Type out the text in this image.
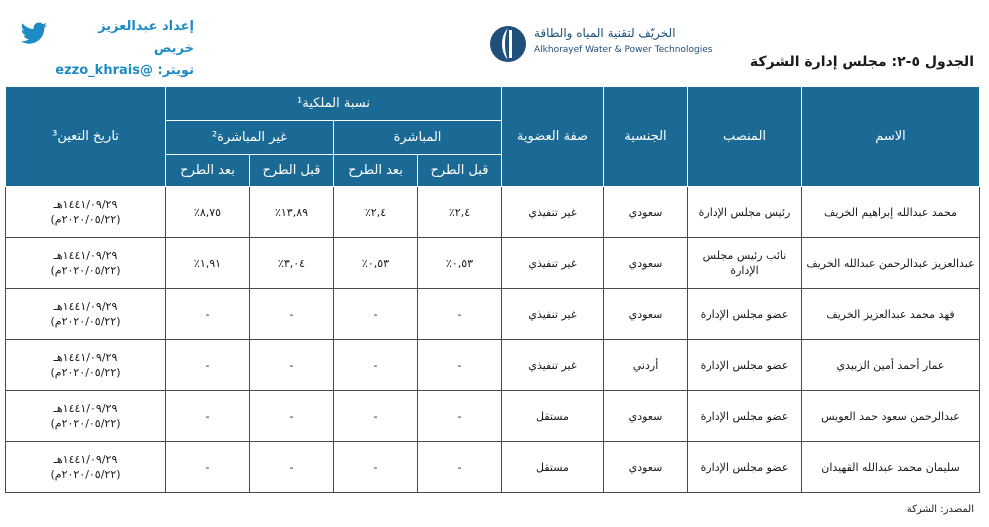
إعداد عبدالعزيز خريص
تويتر: @ezzo_khrais
الخريّف لتقنية المياه والطاقة
Alkhorayef Water & Power Technologies
الجدول ٥-٢: مجلس إدارة الشركة
الاسم	المنصب	الجنسية	صفة العضوية	نسبة الملكية¹				تاريخ التعين³
				المباشرة		غير المباشرة²		
				قبل الطرح	بعد الطرح	قبل الطرح	بعد الطرح	
محمد عبدالله إبراهيم الخريف	رئيس مجلس الإدارة	سعودي	غير تنفيذي	٢,٤٪	٢,٤٪	١٣,٨٩٪	٨,٧٥٪	١٤٤١/٠٩/٢٩هـ
(٢٠٢٠/٠٥/٢٢م)

عبدالعزيز عبدالرحمن عبدالله الخريف	نائب رئيس مجلس الإدارة	سعودي	غير تنفيذي	٠,٥٣٪	٠,٥٣٪	٣,٠٤٪	١,٩١٪	١٤٤١/٠٩/٢٩هـ
(٢٠٢٠/٠٥/٢٢م)

فهد محمد عبدالعزيز الخريف	عضو مجلس الإدارة	سعودي	غير تنفيذي	-	-	-	-	١٤٤١/٠٩/٢٩هـ
(٢٠٢٠/٠٥/٢٢م)

عمار أحمد أمين الزبيدي	عضو مجلس الإدارة	أردني	غير تنفيذي	-	-	-	-	١٤٤١/٠٩/٢٩هـ
(٢٠٢٠/٠٥/٢٢م)

عبدالرحمن سعود حمد العويس	عضو مجلس الإدارة	سعودي	مستقل	-	-	-	-	١٤٤١/٠٩/٢٩هـ
(٢٠٢٠/٠٥/٢٢م)

سليمان محمد عبدالله القهيدان	عضو مجلس الإدارة	سعودي	مستقل	-	-	-	-	١٤٤١/٠٩/٢٩هـ
(٢٠٢٠/٠٥/٢٢م)
المصدر: الشركة
